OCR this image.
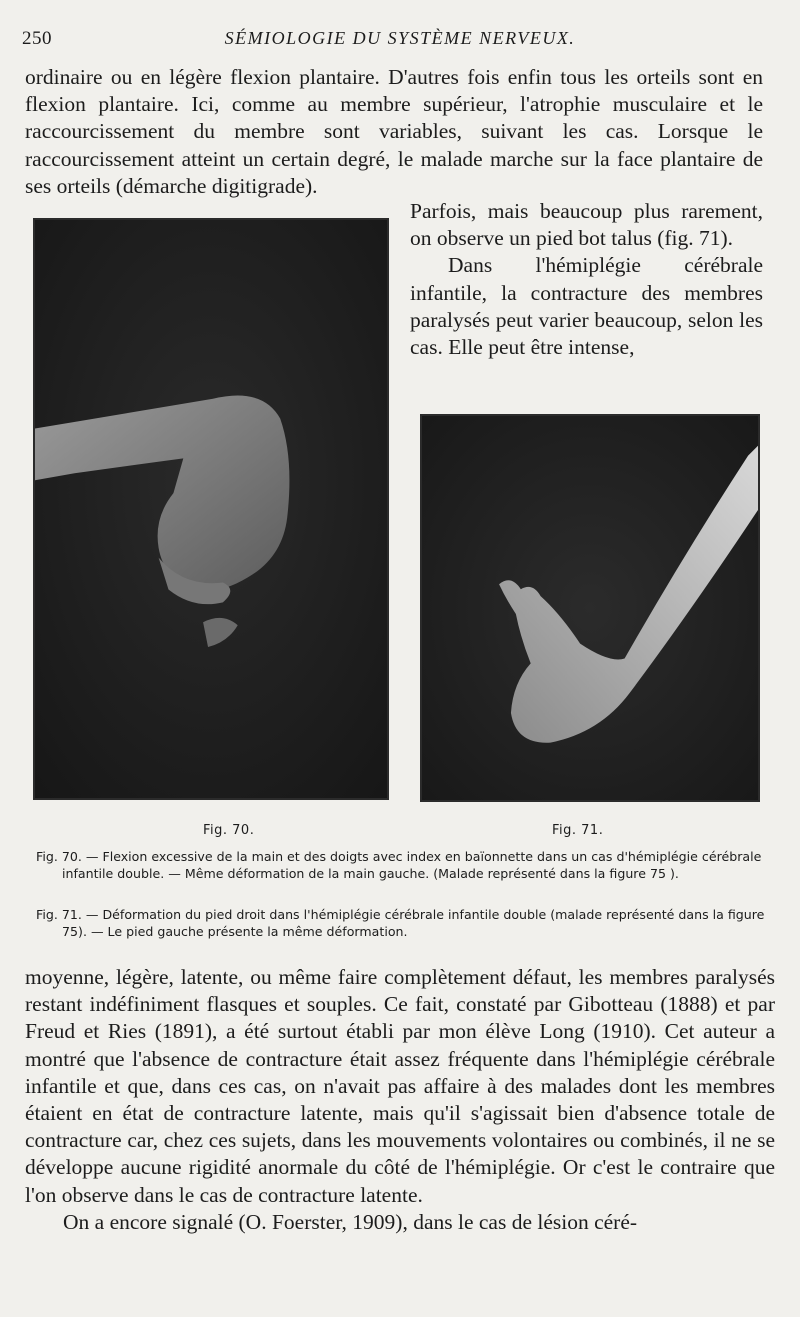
250	SÉMIOLOGIE DU SYSTÈME NERVEUX.

ordinaire ou en légère flexion plantaire. D'autres fois enfin tous les orteils sont en flexion plantaire. Ici, comme au membre supérieur, l'atrophie musculaire et le raccourcissement du membre sont variables, suivant les cas. Lorsque le raccourcissement atteint un certain degré, le malade marche sur la face plantaire de ses orteils (démarche digitigrade).

Parfois, mais beaucoup plus rarement, on observe un pied bot talus (fig. 71).

Dans l'hémiplégie cérébrale infantile, la contracture des membres paralysés peut varier beaucoup, selon les cas. Elle peut être intense,

Fig. 70.	Fig. 71.

Fig. 70. — Flexion excessive de la main et des doigts avec index en baïonnette dans un cas d'hémiplégie cérébrale infantile double. — Même déformation de la main gauche. (Malade représenté dans la figure 75 ).

Fig. 71. — Déformation du pied droit dans l'hémiplégie cérébrale infantile double (malade représenté dans la figure 75). — Le pied gauche présente la même déformation.

moyenne, légère, latente, ou même faire complètement défaut, les membres paralysés restant indéfiniment flasques et souples. Ce fait, constaté par Gibotteau (1888) et par Freud et Ries (1891), a été surtout établi par mon élève Long (1910). Cet auteur a montré que l'absence de contracture était assez fréquente dans l'hémiplégie cérébrale infantile et que, dans ces cas, on n'avait pas affaire à des malades dont les membres étaient en état de contracture latente, mais qu'il s'agissait bien d'absence totale de contracture car, chez ces sujets, dans les mouvements volontaires ou combinés, il ne se développe aucune rigidité anormale du côté de l'hémiplégie. Or c'est le contraire que l'on observe dans le cas de contracture latente.

On a encore signalé (O. Foerster, 1909), dans le cas de lésion céré-
